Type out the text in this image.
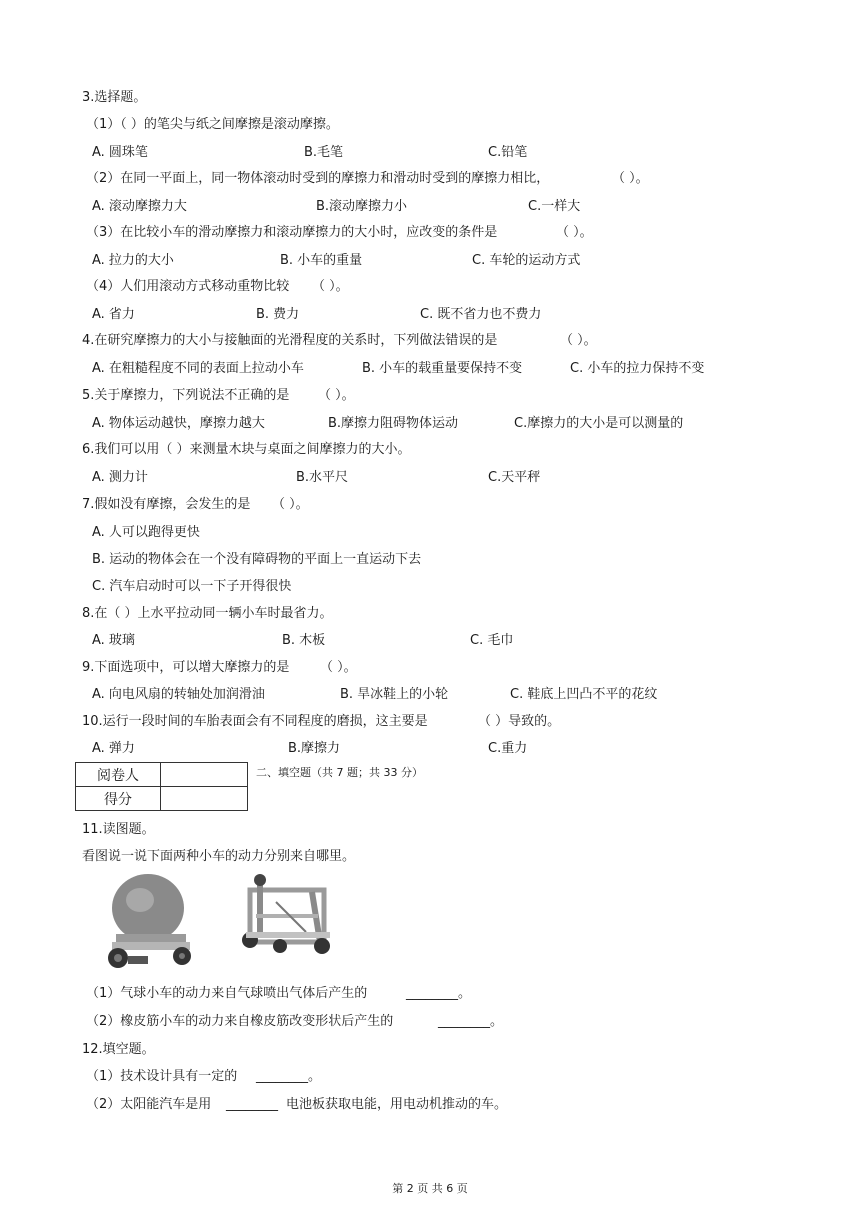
3.选择题。
（1）（ ）的笔尖与纸之间摩擦是滚动摩擦。
A. 圆珠笔	B.毛笔	C.铅笔
（2）在同一平面上，同一物体滚动时受到的摩擦力和滑动时受到的摩擦力相比，	（ ）。
A. 滚动摩擦力大	B.滚动摩擦力小	C.一样大
（3）在比较小车的滑动摩擦力和滚动摩擦力的大小时，应改变的条件是	（ ）。
A. 拉力的大小	B. 小车的重量	C. 车轮的运动方式
（4）人们用滚动方式移动重物比较 （ ）。
A. 省力	B. 费力	C. 既不省力也不费力
4.在研究摩擦力的大小与接触面的光滑程度的关系时，下列做法错误的是	（ ）。
A. 在粗糙程度不同的表面上拉动小车	B. 小车的载重量要保持不变	C. 小车的拉力保持不变
5.关于摩擦力，下列说法不正确的是 （ ）。
A. 物体运动越快，摩擦力越大	B.摩擦力阻碍物体运动	C.摩擦力的大小是可以测量的
6.我们可以用（ ）来测量木块与桌面之间摩擦力的大小。
A. 测力计	B.水平尺	C.天平秤
7.假如没有摩擦，会发生的是 （ ）。
A. 人可以跑得更快
B. 运动的物体会在一个没有障碍物的平面上一直运动下去
C. 汽车启动时可以一下子开得很快
8.在（ ）上水平拉动同一辆小车时最省力。
A. 玻璃	B. 木板	C. 毛巾
9.下面选项中，可以增大摩擦力的是 （ ）。
A. 向电风扇的转轴处加润滑油	B. 旱冰鞋上的小轮	C. 鞋底上凹凸不平的花纹
10.运行一段时间的车胎表面会有不同程度的磨损，这主要是	（ ）导致的。
A. 弹力	B.摩擦力	C.重力
阅卷人	
得分	
二、填空题（共 7 题；共 33 分）
11.读图题。
看图说一说下面两种小车的动力分别来自哪里。
（1）气球小车的动力来自气球喷出气体后产生的	________。
（2）橡皮筋小车的动力来自橡皮筋改变形状后产生的	________。
12.填空题。
（1）技术设计具有一定的 ________。
（2）太阳能汽车是用 ________ 电池板获取电能，用电动机推动的车。
第 2 页 共 6 页
